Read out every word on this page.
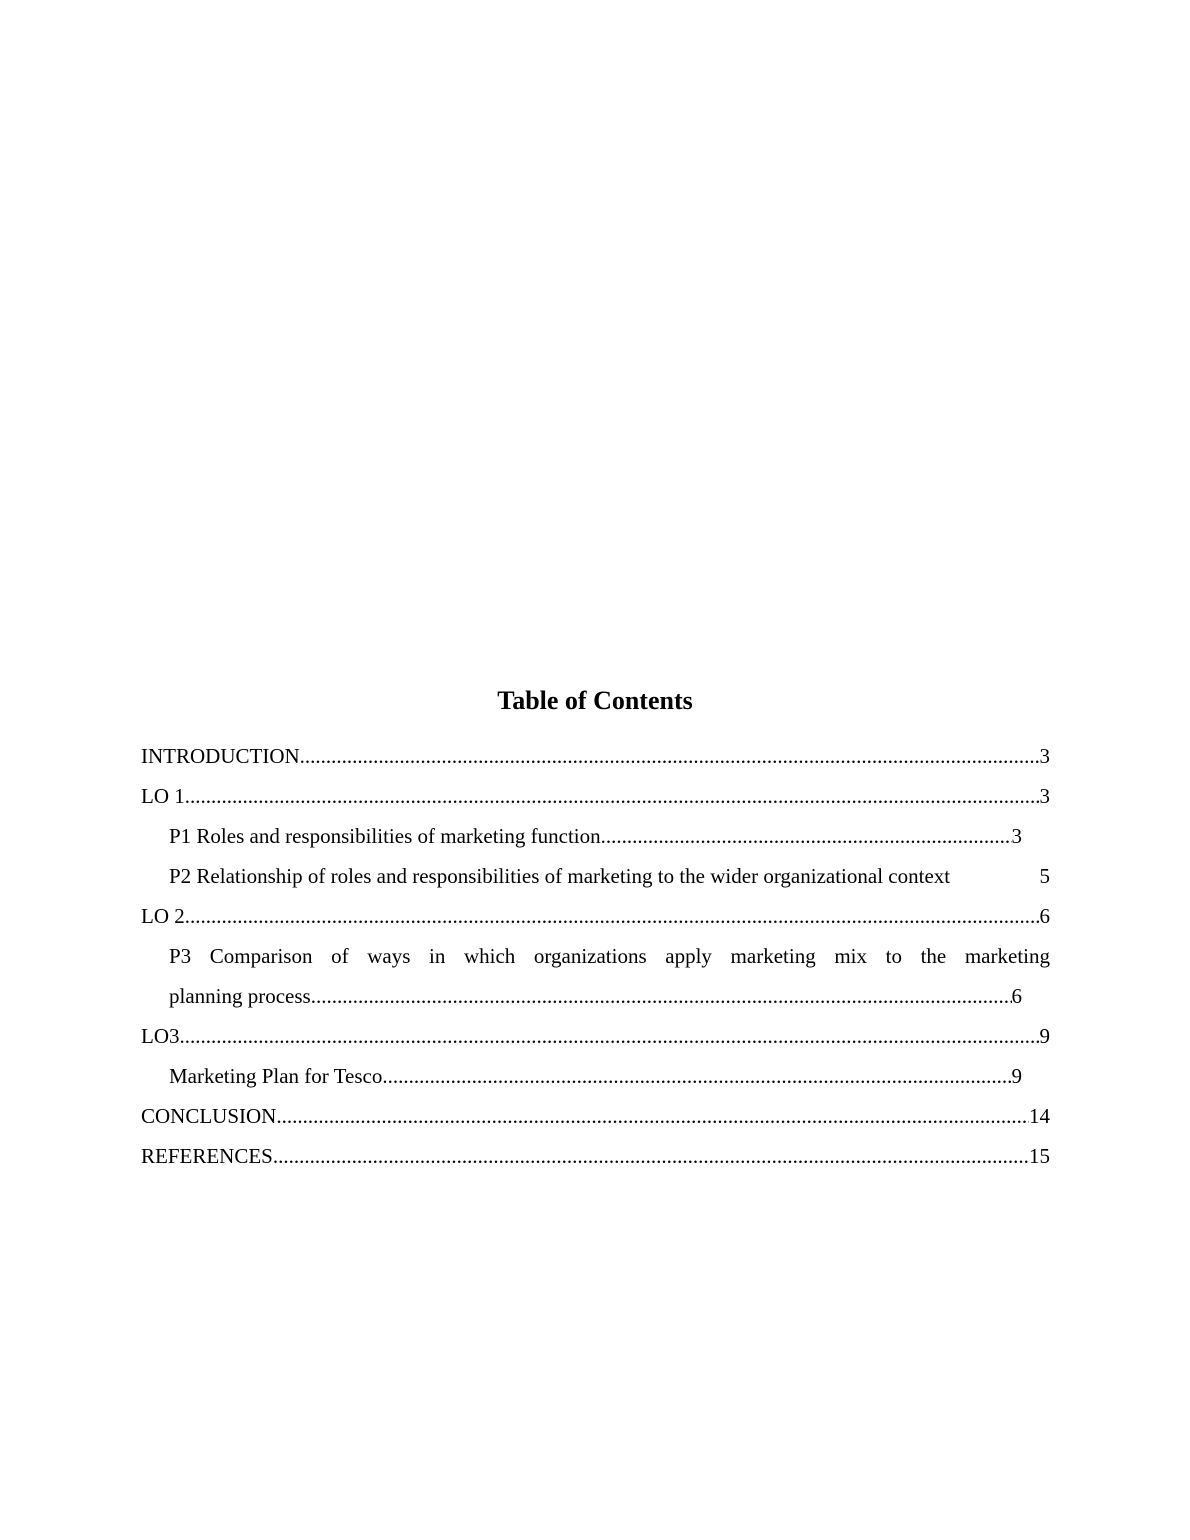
Table of Contents
INTRODUCTION .....	3
LO 1 .....	3
P1 Roles and responsibilities of marketing function .....	3
P2 Relationship of roles and responsibilities of marketing to the wider organizational context	5
LO 2 .....	6
P3 Comparison of ways in which organizations apply marketing mix to the marketing
planning process .....	6
LO3 .....	9
Marketing Plan for Tesco .....	9
CONCLUSION .....	14
REFERENCES .....	15
